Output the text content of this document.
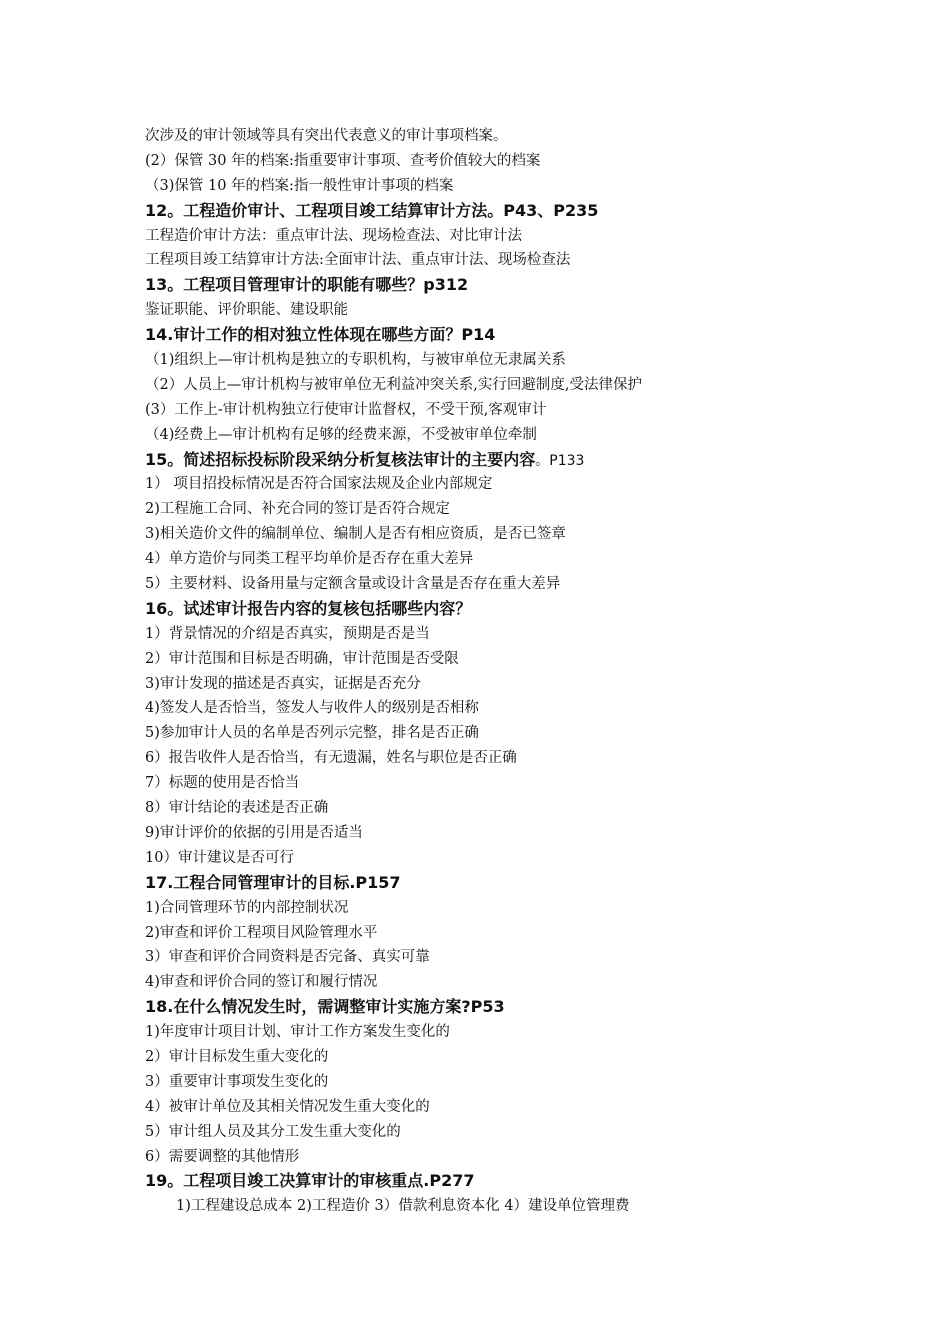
次涉及的审计领域等具有突出代表意义的审计事项档案。
(2）保管 30 年的档案:指重要审计事项、查考价值较大的档案
（3)保管 10 年的档案:指一般性审计事项的档案
12。工程造价审计、工程项目竣工结算审计方法。P43、P235
工程造价审计方法：重点审计法、现场检查法、对比审计法
工程项目竣工结算审计方法:全面审计法、重点审计法、现场检查法
13。工程项目管理审计的职能有哪些？p312
鉴证职能、评价职能、建设职能
14.审计工作的相对独立性体现在哪些方面？P14
（1)组织上—审计机构是独立的专职机构，与被审单位无隶属关系
（2）人员上—审计机构与被审单位无利益冲突关系,实行回避制度,受法律保护
(3）工作上-审计机构独立行使审计监督权，不受干预,客观审计
（4)经费上—审计机构有足够的经费来源，不受被审单位牵制
15。简述招标投标阶段采纳分析复核法审计的主要内容。P133
1） 项目招投标情况是否符合国家法规及企业内部规定
2)工程施工合同、补充合同的签订是否符合规定
3)相关造价文件的编制单位、编制人是否有相应资质，是否已签章
4）单方造价与同类工程平均单价是否存在重大差异
5）主要材料、设备用量与定额含量或设计含量是否存在重大差异
16。试述审计报告内容的复核包括哪些内容？
1）背景情况的介绍是否真实，预期是否是当
2）审计范围和目标是否明确，审计范围是否受限
3)审计发现的描述是否真实，证据是否充分
4)签发人是否恰当，签发人与收件人的级别是否相称
5)参加审计人员的名单是否列示完整，排名是否正确
6）报告收件人是否恰当，有无遗漏，姓名与职位是否正确
7）标题的使用是否恰当
8）审计结论的表述是否正确
9)审计评价的依据的引用是否适当
10）审计建议是否可行
17.工程合同管理审计的目标.P157
1)合同管理环节的内部控制状况
2)审查和评价工程项目风险管理水平
3）审查和评价合同资料是否完备、真实可靠
4)审查和评价合同的签订和履行情况
18.在什么情况发生时，需调整审计实施方案?P53
1)年度审计项目计划、审计工作方案发生变化的
2）审计目标发生重大变化的
3）重要审计事项发生变化的
4）被审计单位及其相关情况发生重大变化的
5）审计组人员及其分工发生重大变化的
6）需要调整的其他情形
19。工程项目竣工决算审计的审核重点.P277
1)工程建设总成本 2)工程造价 3）借款利息资本化 4）建设单位管理费
